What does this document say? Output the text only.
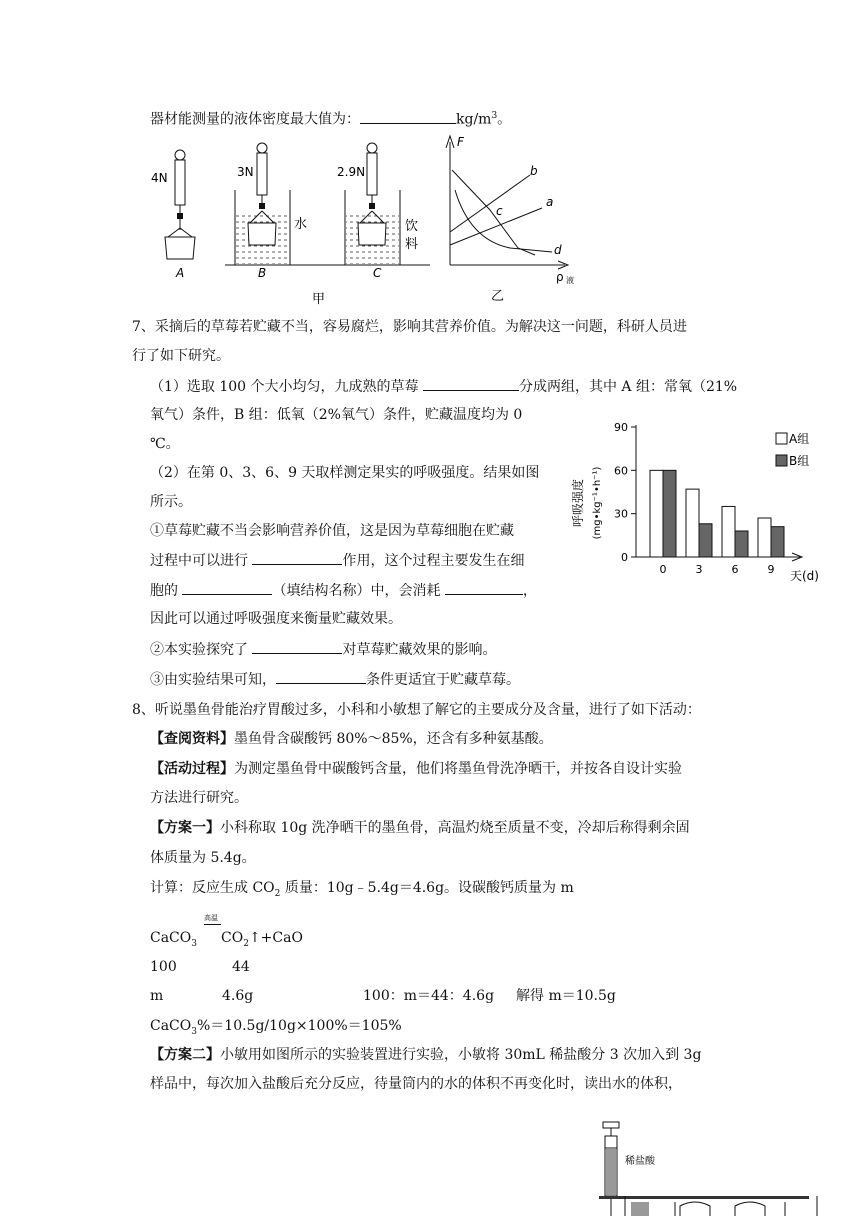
器材能测量的液体密度最大值为：	$kg/m^3$。
4N
A
3N
水
B
2.9N
饮
料
C
甲
F
ρ 液
b
a
c
d
乙
7、采摘后的草莓若贮藏不当，容易腐烂，影响其营养价值。为解决这一问题，科研人员进
行了如下研究。
（1）选取 100 个大小均匀，九成熟的草莓	分成两组，其中 A 组：常氧（21%
氧气）条件，B 组：低氧（2%氧气）条件，贮藏温度均为 0
℃。
（2）在第 0、3、6、9 天取样测定果实的呼吸强度。结果如图
所示。
①草莓贮藏不当会影响营养价值，这是因为草莓细胞在贮藏
过程中可以进行	作用，这个过程主要发生在细
胞的	（填结构名称）中，会消耗	，
因此可以通过呼吸强度来衡量贮藏效果。
②本实验探究了	对草莓贮藏效果的影响。
③由实验结果可知，	条件更适宜于贮藏草莓。
0
30
60
90
0	3	6	9 天(d)
呼吸强度 (mg•kg⁻¹•h⁻¹)
A组
B组
8、听说墨鱼骨能治疗胃酸过多，小科和小敏想了解它的主要成分及含量，进行了如下活动：
【查阅资料】墨鱼骨含碳酸钙 80%～85%，还含有多种氨基酸。
【活动过程】为测定墨鱼骨中碳酸钙含量，他们将墨鱼骨洗净晒干，并按各自设计实验
方法进行研究。
【方案一】小科称取 10g 洗净晒干的墨鱼骨，高温灼烧至质量不变，冷却后称得剩余固
体质量为 5.4g。
计算：反应生成 $CO_2$ 质量：10g﹣5.4g＝4.6g。设碳酸钙质量为 m
高温
CaCO$_3$ $CO_2↑+CaO$
100	44
m	4.6g	100：m＝44：4.6g 解得 m＝10.5g
CaCO$_3$%＝10.5g/10g×100%＝105%
【方案二】小敏用如图所示的实验装置进行实验，小敏将 30mL 稀盐酸分 3 次加入到 3g
样品中，每次加入盐酸后充分反应，待量筒内的水的体积不再变化时，读出水的体积，
稀盐酸
